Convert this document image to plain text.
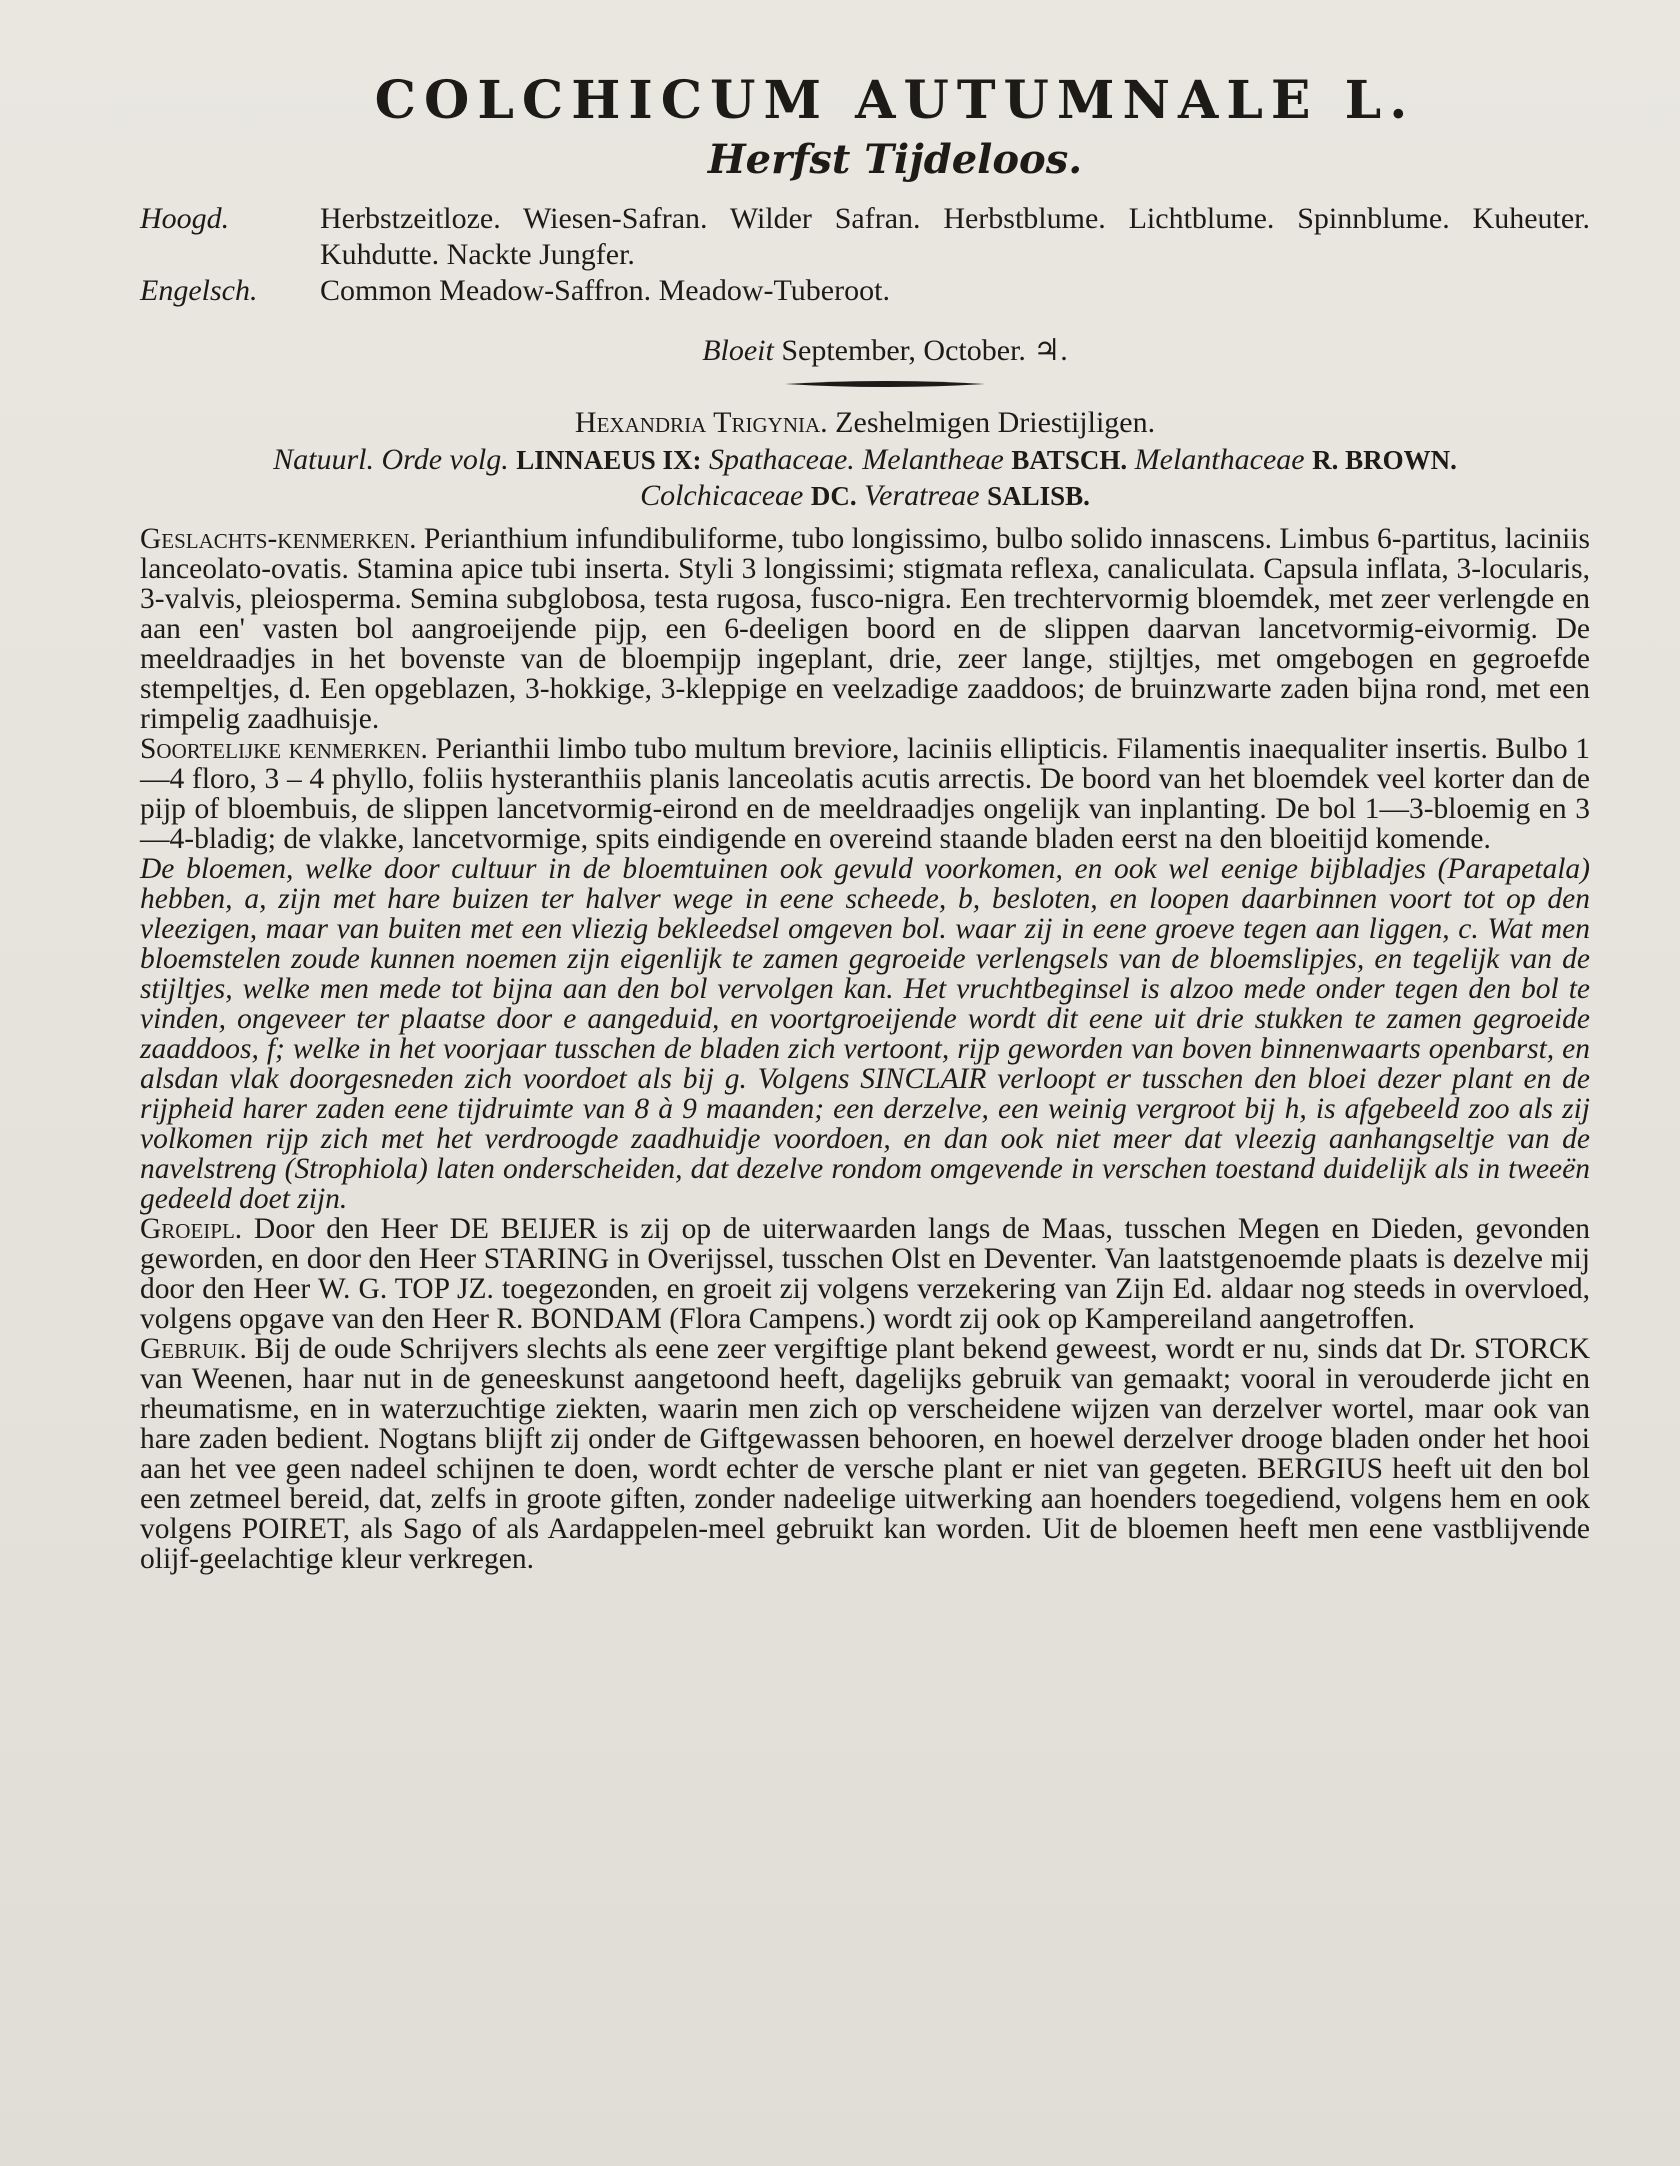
COLCHICUM AUTUMNALE L.
Herfst Tijdeloos.
Hoogd.	Herbstzeitloze. Wiesen-Safran. Wilder Safran. Herbstblume. Lichtblume. Spinnblume. Kuheuter. Kuhdutte. Nackte Jungfer.
Engelsch.	Common Meadow-Saffron. Meadow-Tuberoot.
Bloeit September, October. ♃.
Hexandria Trigynia. Zeshelmigen Driestijligen.
Natuurl. Orde volg. LINNAEUS IX: Spathaceae. Melantheae BATSCH. Melanthaceae R. BROWN.
Colchicaceae DC. Veratreae SALISB.

Geslachts-kenmerken. Perianthium infundibuliforme, tubo longissimo, bulbo solido innascens. Limbus 6-partitus, laciniis lanceolato-ovatis. Stamina apice tubi inserta. Styli 3 longissimi; stigmata reflexa, canaliculata. Capsula inflata, 3-locularis, 3-valvis, pleiosperma. Semina subglobosa, testa rugosa, fusco-nigra. Een trechtervormig bloemdek, met zeer verlengde en aan een' vasten bol aangroeijende pijp, een 6-deeligen boord en de slippen daarvan lancetvormig-eivormig. De meeldraadjes in het bovenste van de bloempijp ingeplant, drie, zeer lange, stijltjes, met omgebogen en gegroefde stempeltjes, d. Een opgeblazen, 3-hokkige, 3-kleppige en veelzadige zaaddoos; de bruinzwarte zaden bijna rond, met een rimpelig zaadhuisje.

Soortelijke kenmerken. Perianthii limbo tubo multum breviore, laciniis ellipticis. Filamentis inaequaliter insertis. Bulbo 1—4 floro, 3 – 4 phyllo, foliis hysteranthiis planis lanceolatis acutis arrectis. De boord van het bloemdek veel korter dan de pijp of bloembuis, de slippen lancetvormig-eirond en de meeldraadjes ongelijk van inplanting. De bol 1—3-bloemig en 3—4-bladig; de vlakke, lancetvormige, spits eindigende en overeind staande bladen eerst na den bloeitijd komende.

De bloemen, welke door cultuur in de bloemtuinen ook gevuld voorkomen, en ook wel eenige bijbladjes (Parapetala) hebben, a, zijn met hare buizen ter halver wege in eene scheede, b, besloten, en loopen daarbinnen voort tot op den vleezigen, maar van buiten met een vliezig bekleedsel omgeven bol. waar zij in eene groeve tegen aan liggen, c. Wat men bloemstelen zoude kunnen noemen zijn eigenlijk te zamen gegroeide verlengsels van de bloemslipjes, en tegelijk van de stijltjes, welke men mede tot bijna aan den bol vervolgen kan. Het vruchtbeginsel is alzoo mede onder tegen den bol te vinden, ongeveer ter plaatse door e aangeduid, en voortgroeijende wordt dit eene uit drie stukken te zamen gegroeide zaaddoos, f; welke in het voorjaar tusschen de bladen zich vertoont, rijp geworden van boven binnenwaarts openbarst, en alsdan vlak doorgesneden zich voordoet als bij g. Volgens SINCLAIR verloopt er tusschen den bloei dezer plant en de rijpheid harer zaden eene tijdruimte van 8 à 9 maanden; een derzelve, een weinig vergroot bij h, is afgebeeld zoo als zij volkomen rijp zich met het verdroogde zaadhuidje voordoen, en dan ook niet meer dat vleezig aanhangseltje van de navelstreng (Strophiola) laten onderscheiden, dat dezelve rondom omgevende in verschen toestand duidelijk als in tweeën gedeeld doet zijn.

Groeipl. Door den Heer DE BEIJER is zij op de uiterwaarden langs de Maas, tusschen Megen en Dieden, gevonden geworden, en door den Heer STARING in Overijssel, tusschen Olst en Deventer. Van laatstgenoemde plaats is dezelve mij door den Heer W. G. TOP JZ. toegezonden, en groeit zij volgens verzekering van Zijn Ed. aldaar nog steeds in overvloed, volgens opgave van den Heer R. BONDAM (Flora Campens.) wordt zij ook op Kampereiland aangetroffen.

Gebruik. Bij de oude Schrijvers slechts als eene zeer vergiftige plant bekend geweest, wordt er nu, sinds dat Dr. STORCK van Weenen, haar nut in de geneeskunst aangetoond heeft, dagelijks gebruik van gemaakt; vooral in verouderde jicht en rheumatisme, en in waterzuchtige ziekten, waarin men zich op verscheidene wijzen van derzelver wortel, maar ook van hare zaden bedient. Nogtans blijft zij onder de Giftgewassen behooren, en hoewel derzelver drooge bladen onder het hooi aan het vee geen nadeel schijnen te doen, wordt echter de versche plant er niet van gegeten. BERGIUS heeft uit den bol een zetmeel bereid, dat, zelfs in groote giften, zonder nadeelige uitwerking aan hoenders toegediend, volgens hem en ook volgens POIRET, als Sago of als Aardappelen-meel gebruikt kan worden. Uit de bloemen heeft men eene vastblijvende olijf-geelachtige kleur verkregen.
